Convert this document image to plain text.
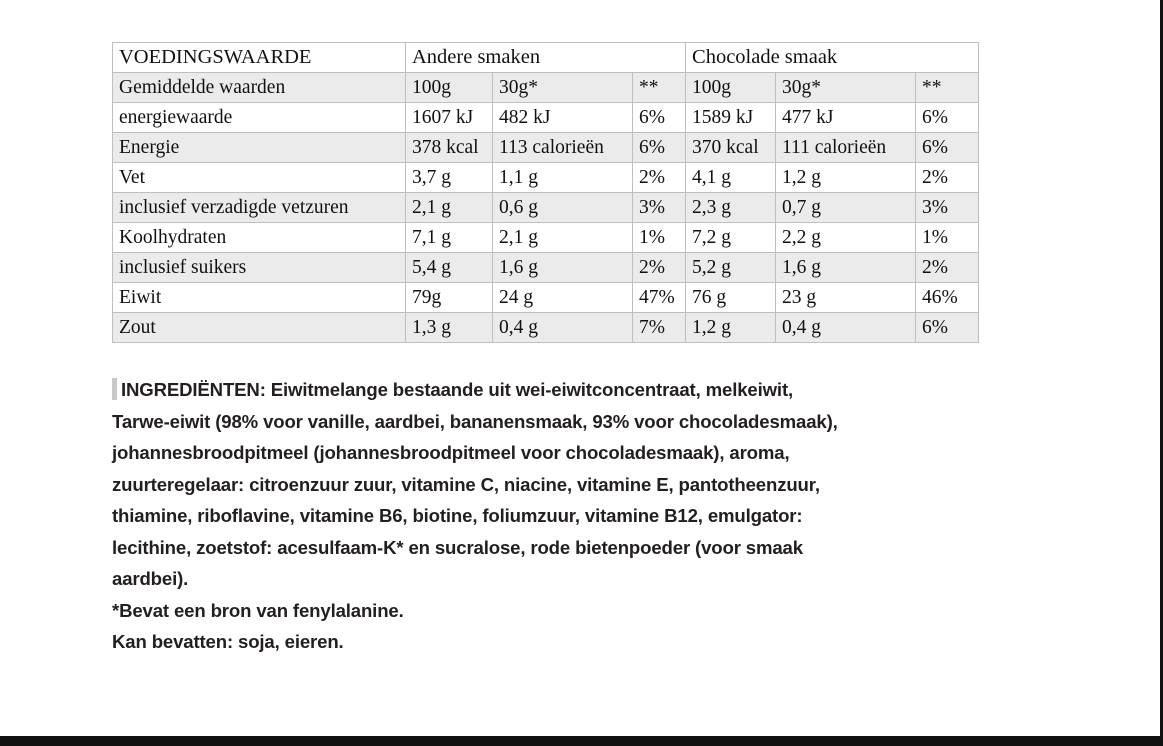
VOEDINGSWAARDE	Andere smaken			Chocolade smaak		
Gemiddelde waarden	100g	30g*	**	100g	30g*	**
energiewaarde	1607 kJ	482 kJ	6%	1589 kJ	477 kJ	6%
Energie	378 kcal	113 calorieën	6%	370 kcal	111 calorieën	6%
Vet	3,7 g	1,1 g	2%	4,1 g	1,2 g	2%
inclusief verzadigde vetzuren	2,1 g	0,6 g	3%	2,3 g	0,7 g	3%
Koolhydraten	7,1 g	2,1 g	1%	7,2 g	2,2 g	1%
inclusief suikers	5,4 g	1,6 g	2%	5,2 g	1,6 g	2%
Eiwit	79g	24 g	47%	76 g	23 g	46%
Zout	1,3 g	0,4 g	7%	1,2 g	0,4 g	6%

INGREDIËNTEN: Eiwitmelange bestaande uit wei-eiwitconcentraat, melkeiwit,

Tarwe-eiwit (98% voor vanille, aardbei, bananensmaak, 93% voor chocoladesmaak),

johannesbroodpitmeel (johannesbroodpitmeel voor chocoladesmaak), aroma,

zuurteregelaar: citroenzuur zuur, vitamine C, niacine, vitamine E, pantotheenzuur,

thiamine, riboflavine, vitamine B6, biotine, foliumzuur, vitamine B12, emulgator:

lecithine, zoetstof: acesulfaam-K* en sucralose, rode bietenpoeder (voor smaak

aardbei).

*Bevat een bron van fenylalanine.

Kan bevatten: soja, eieren.
